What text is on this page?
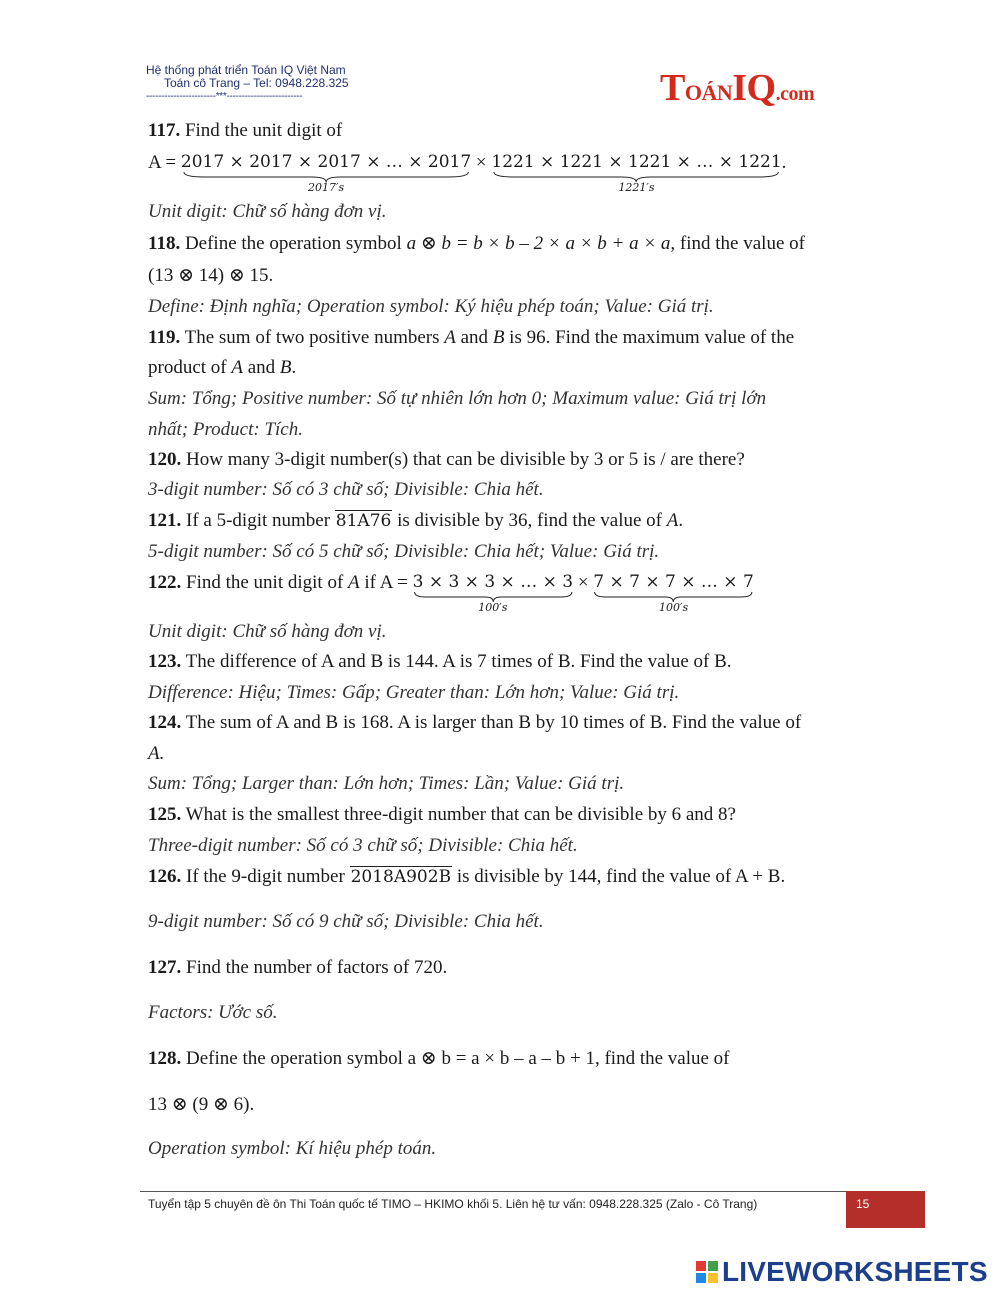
Hệ thống phát triển Toán IQ Việt Nam
Toán cô Trang – Tel: 0948.228.325
-----------------------***-------------------------	TOÁNIQ.com
117. Find the unit digit of
A = 2017 × 2017 × 2017 × … × 2017
2017′s
× 1221 × 1221 × 1221 × … × 1221
1221′s
.
Unit digit: Chữ số hàng đơn vị.
118. Define the operation symbol a ⊗ b = b × b – 2 × a × b + a × a, find the value of
(13 ⊗ 14) ⊗ 15.
Define: Định nghĩa; Operation symbol: Ký hiệu phép toán; Value: Giá trị.
119. The sum of two positive numbers A and B is 96. Find the maximum value of the
product of A and B.
Sum: Tổng; Positive number: Số tự nhiên lớn hơn 0; Maximum value: Giá trị lớn
nhất; Product: Tích.
120. How many 3-digit number(s) that can be divisible by 3 or 5 is / are there?
3-digit number: Số có 3 chữ số; Divisible: Chia hết.
121. If a 5-digit number 81A76 is divisible by 36, find the value of A.
5-digit number: Số có 5 chữ số; Divisible: Chia hết; Value: Giá trị.
122. Find the unit digit of A if A = 3 × 3 × 3 × … × 3
100′s
× 7 × 7 × 7 × … × 7
100′s
Unit digit: Chữ số hàng đơn vị.
123. The difference of A and B is 144. A is 7 times of B. Find the value of B.
Difference: Hiệu; Times: Gấp; Greater than: Lớn hơn; Value: Giá trị.
124. The sum of A and B is 168. A is larger than B by 10 times of B. Find the value of
A.
Sum: Tổng; Larger than: Lớn hơn; Times: Lần; Value: Giá trị.
125. What is the smallest three-digit number that can be divisible by 6 and 8?
Three-digit number: Số có 3 chữ số; Divisible: Chia hết.
126. If the 9-digit number 2018A902B is divisible by 144, find the value of A + B.
9-digit number: Số có 9 chữ số; Divisible: Chia hết.
127. Find the number of factors of 720.
Factors: Ước số.
128. Define the operation symbol a ⊗ b = a × b – a – b + 1, find the value of
13 ⊗ (9 ⊗ 6).
Operation symbol: Kí hiệu phép toán.
Tuyển tập 5 chuyên đề ôn Thi Toán quốc tế TIMO – HKIMO khối 5. Liên hệ tư vấn: 0948.228.325 (Zalo - Cô Trang)	15
LIVEWORKSHEETS
